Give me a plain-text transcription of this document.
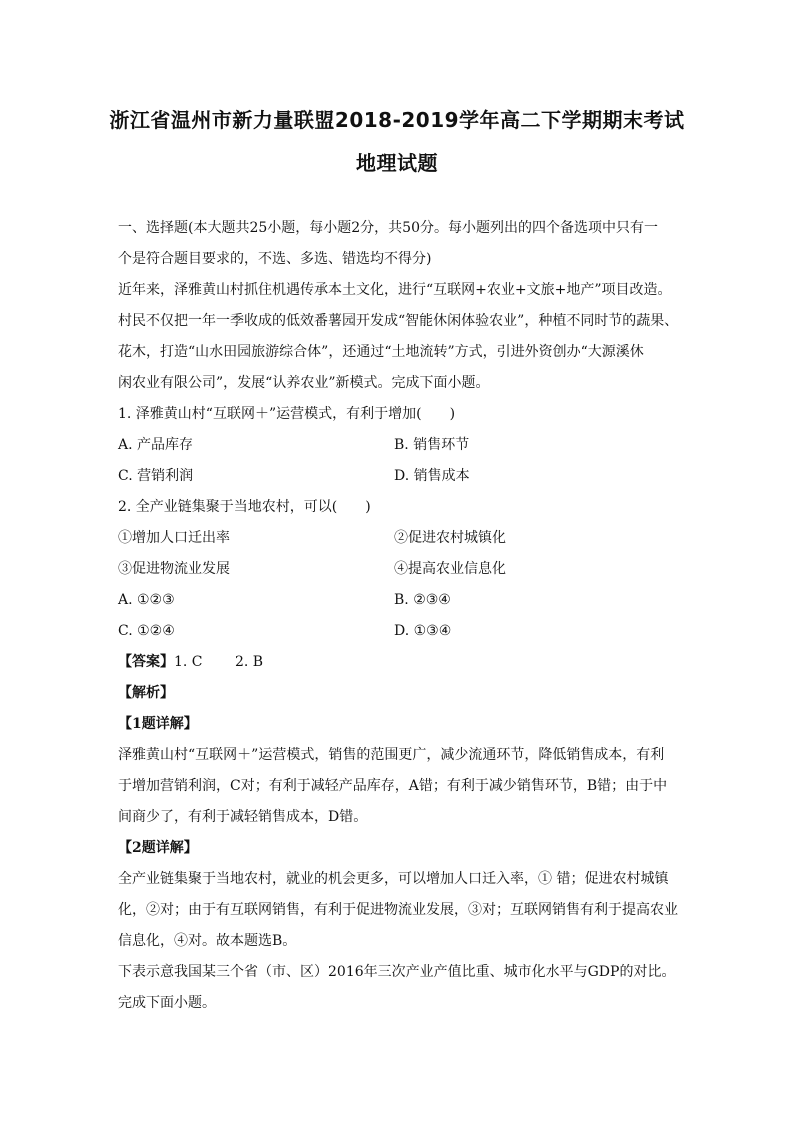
浙江省温州市新力量联盟2018-2019学年高二下学期期末考试
地理试题
一、选择题(本大题共25小题，每小题2分，共50分。每小题列出的四个备选项中只有一
个是符合题目要求的，不选、多选、错选均不得分)
近年来，泽雅黄山村抓住机遇传承本土文化，进行“互联网+农业+文旅+地产”项目改造。
村民不仅把一年一季收成的低效番薯园开发成“智能休闲体验农业”，种植不同时节的蔬果、
花木，打造“山水田园旅游综合体”，还通过“土地流转”方式，引进外资创办“大源溪休
闲农业有限公司”，发展“认养农业”新模式。完成下面小题。
1. 泽雅黄山村“互联网＋”运营模式，有利于增加(　　)
A. 产品库存	B. 销售环节
C. 营销利润	D. 销售成本
2. 全产业链集聚于当地农村，可以(　　)
①增加人口迁出率	②促进农村城镇化
③促进物流业发展	④提高农业信息化
A. ①②③	B. ②③④
C. ①②④	D. ①③④
【答案】1. C　　 2. B
【解析】
【1题详解】
泽雅黄山村“互联网＋”运营模式，销售的范围更广，减少流通环节，降低销售成本，有利
于增加营销利润，C对；有利于减轻产品库存，A错；有利于减少销售环节，B错；由于中
间商少了，有利于减轻销售成本，D错。
【2题详解】
全产业链集聚于当地农村，就业的机会更多，可以增加人口迁入率，① 错；促进农村城镇
化，②对；由于有互联网销售，有利于促进物流业发展，③对；互联网销售有利于提高农业
信息化，④对。故本题选B。
下表示意我国某三个省（市、区）2016年三次产业产值比重、城市化水平与GDP的对比。
完成下面小题。
